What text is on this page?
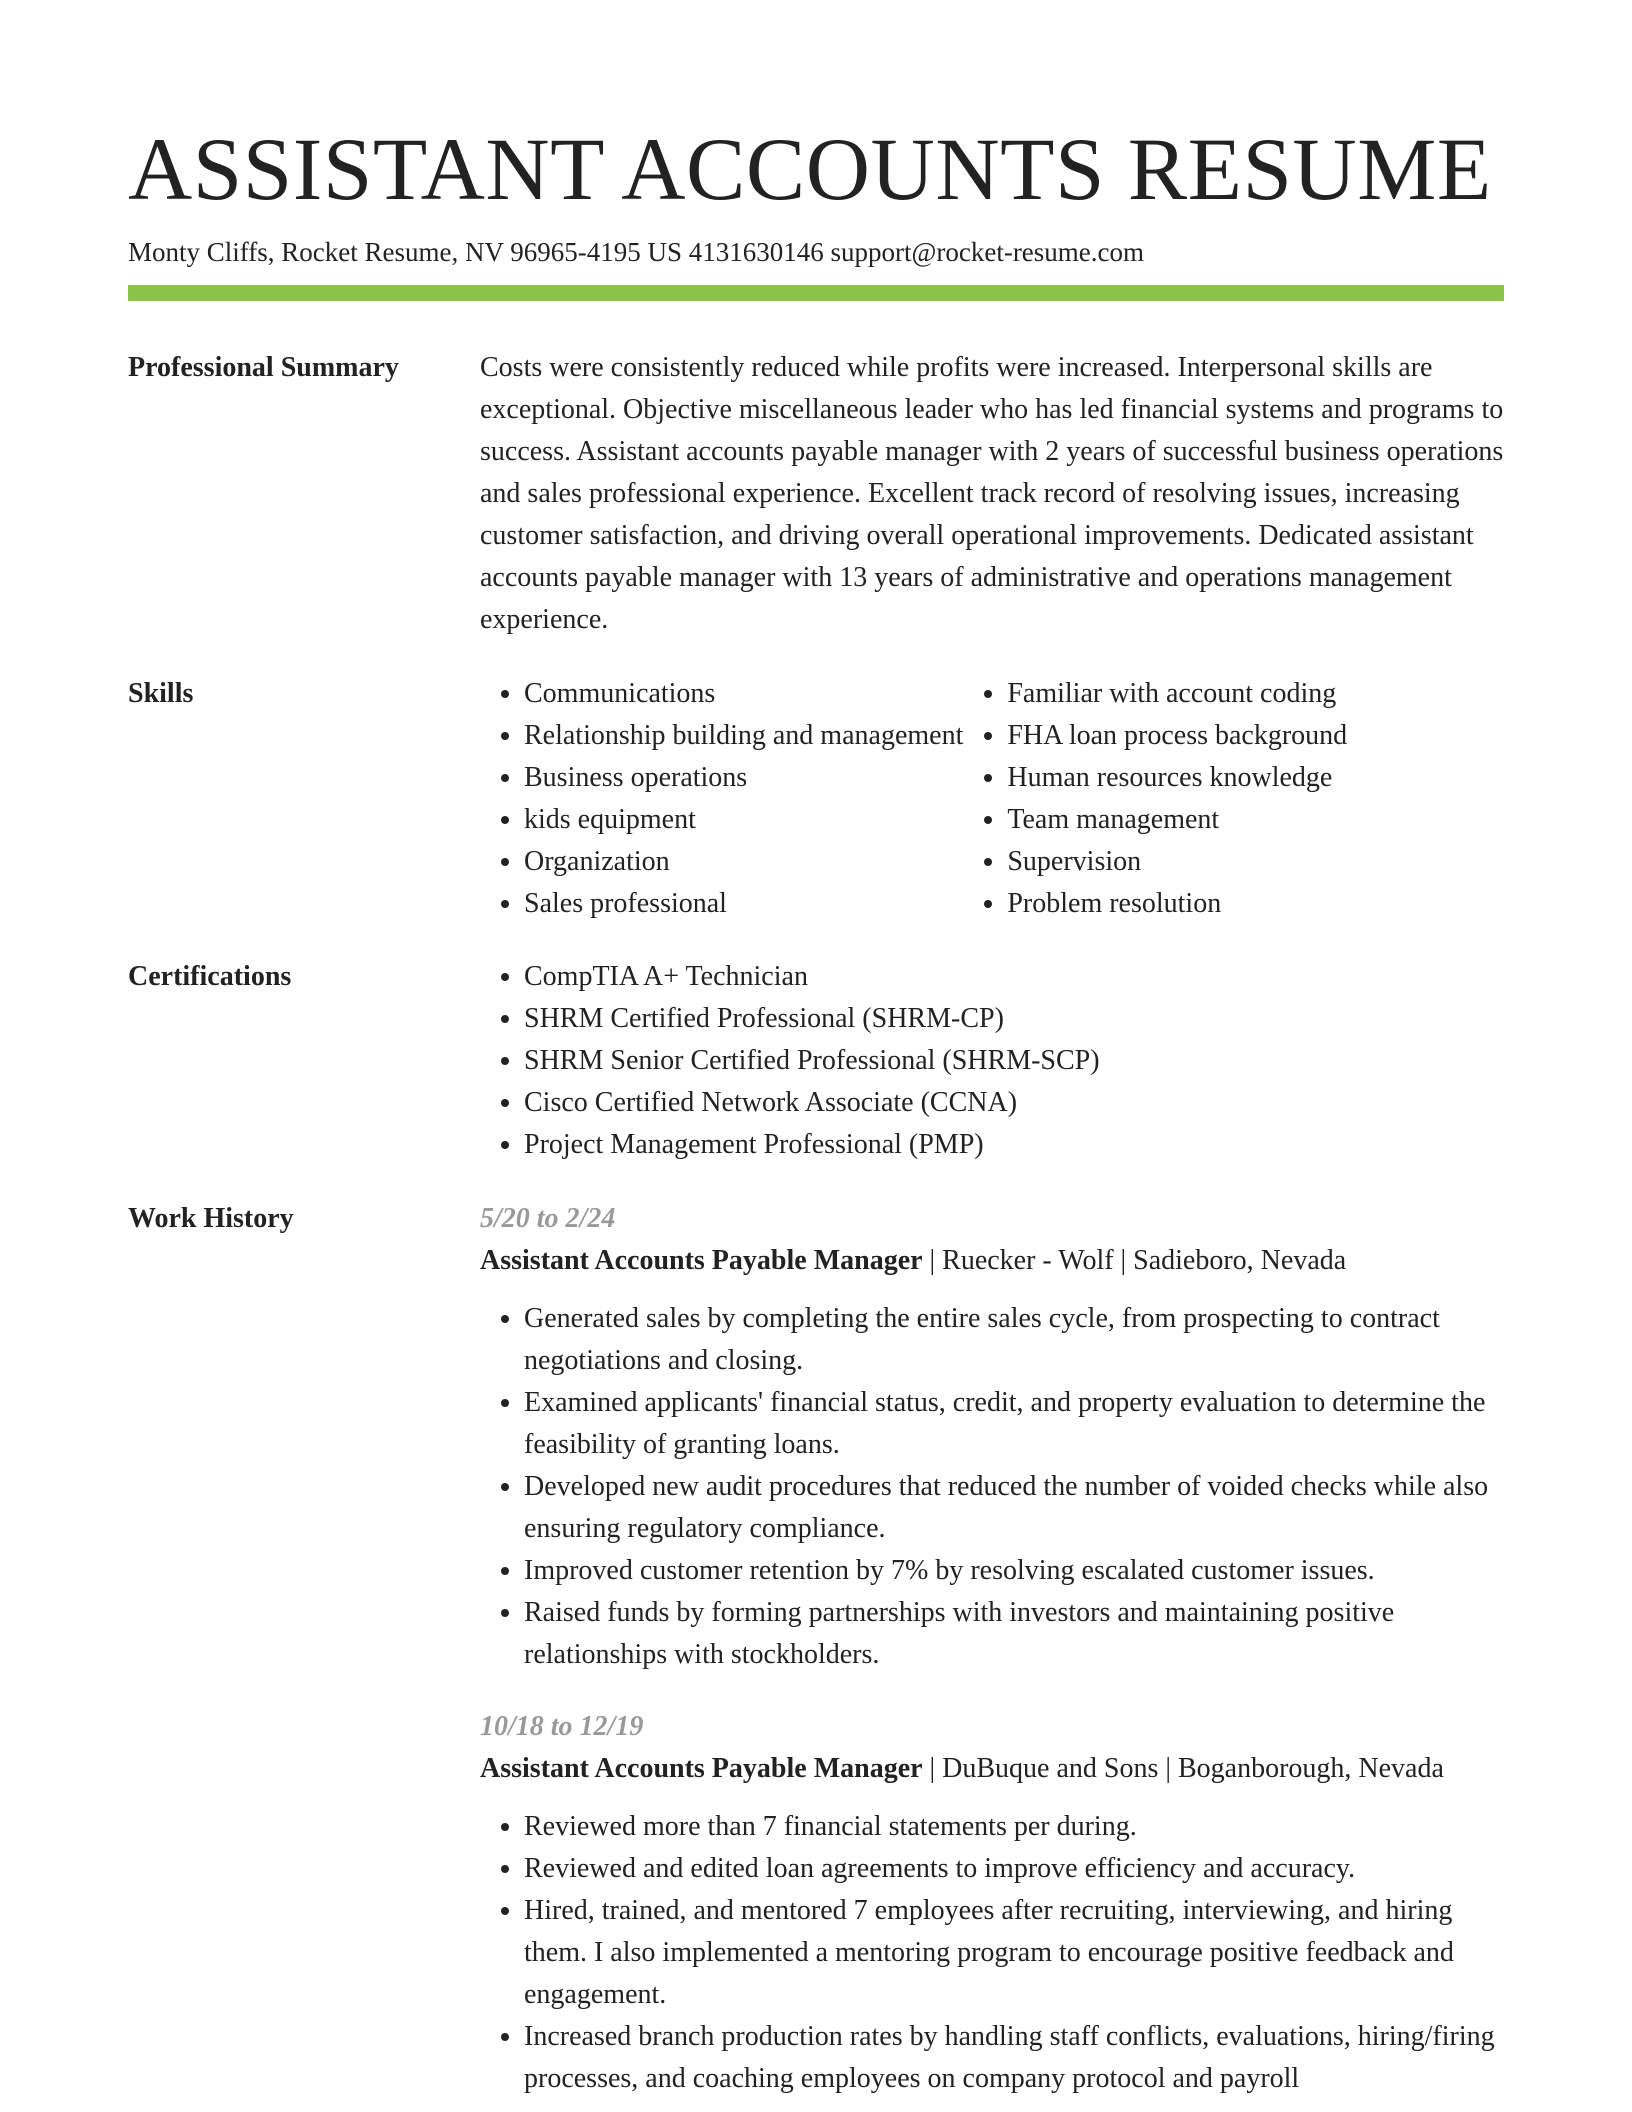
ASSISTANT ACCOUNTS RESUME
Monty Cliffs, Rocket Resume, NV 96965-4195 US 4131630146 support@rocket-resume.com
Professional Summary	Costs were consistently reduced while profits were increased. Interpersonal skills are exceptional. Objective miscellaneous leader who has led financial systems and programs to success. Assistant accounts payable manager with 2 years of successful business operations and sales professional experience. Excellent track record of resolving issues, increasing customer satisfaction, and driving overall operational improvements. Dedicated assistant accounts payable manager with 13 years of administrative and operations management experience.

Skills	• Communications
• Relationship building and management
• Business operations
• kids equipment
• Organization
• Sales professional
• Familiar with account coding
• FHA loan process background
• Human resources knowledge
• Team management
• Supervision
• Problem resolution
Certifications	• CompTIA A+ Technician
• SHRM Certified Professional (SHRM-CP)
• SHRM Senior Certified Professional (SHRM-SCP)
• Cisco Certified Network Associate (CCNA)
• Project Management Professional (PMP)
Work History	5/20 to 2/24
Assistant Accounts Payable Manager | Ruecker - Wolf | Sadieboro, Nevada
• Generated sales by completing the entire sales cycle, from prospecting to contract negotiations and closing.
• Examined applicants' financial status, credit, and property evaluation to determine the feasibility of granting loans.
• Developed new audit procedures that reduced the number of voided checks while also ensuring regulatory compliance.
• Improved customer retention by 7% by resolving escalated customer issues.
• Raised funds by forming partnerships with investors and maintaining positive relationships with stockholders.
10/18 to 12/19
Assistant Accounts Payable Manager | DuBuque and Sons | Boganborough, Nevada
• Reviewed more than 7 financial statements per during.
• Reviewed and edited loan agreements to improve efficiency and accuracy.
• Hired, trained, and mentored 7 employees after recruiting, interviewing, and hiring them. I also implemented a mentoring program to encourage positive feedback and engagement.
• Increased branch production rates by handling staff conflicts, evaluations, hiring/firing processes, and coaching employees on company protocol and payroll
